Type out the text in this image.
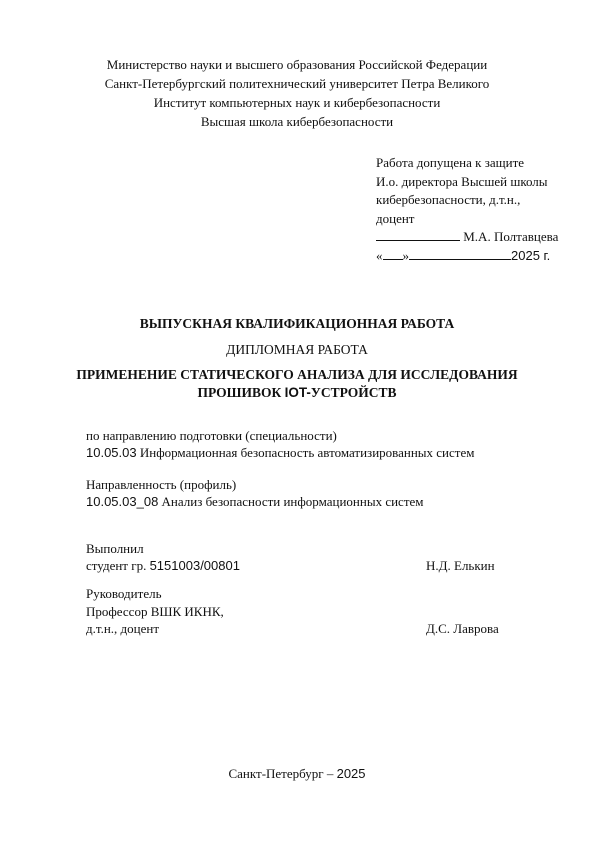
Министерство науки и высшего образования Российской Федерации
Санкт-Петербургский политехнический университет Петра Великого
Институт компьютерных наук и кибербезопасности
Высшая школа кибербезопасности
Работа допущена к защите
И.о. директора Высшей школы
кибербезопасности, д.т.н.,
доцент
М.А. Полтавцева
« »	2025 г.
ВЫПУСКНАЯ КВАЛИФИКАЦИОННАЯ РАБОТА
ДИПЛОМНАЯ РАБОТА
ПРИМЕНЕНИЕ СТАТИЧЕСКОГО АНАЛИЗА ДЛЯ ИССЛЕДОВАНИЯ
ПРОШИВОК IOT-УСТРОЙСТВ
по направлению подготовки (специальности)
10.05.03 Информационная безопасность автоматизированных систем
Направленность (профиль)
10.05.03_08 Анализ безопасности информационных систем
Выполнил
студент гр. 5151003/00801	Н.Д. Елькин
Руководитель
Профессор ВШК ИКНК,
д.т.н., доцент	Д.С. Лаврова
Санкт-Петербург – 2025
